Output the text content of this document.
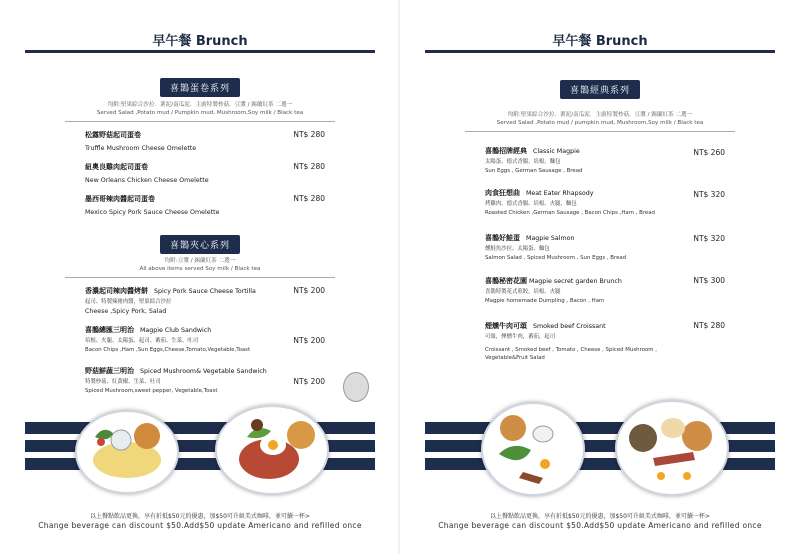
早午餐 Brunch
喜鵲蛋卷系列
均附:堅果綜合沙拉．薯泥/南瓜泥．主廚特製杪菇．豆漿 / 錫蘭紅茶 二選一
Served Salad ,Potato mud / Pumpkin mud, Mushroom,Soy milk / Black tea
松露野菇起司蛋卷	NT$ 280
Truffle Mushroom Cheese Omelette
紐奧良雞肉起司蛋卷	NT$ 280
New Orleans Chicken Cheese Omelette
墨西哥辣肉醬起司蛋卷	NT$ 280
Mexico Spicy Pork Sauce Cheese Omelette
喜鵲夾心系列
均附:豆漿 / 錫蘭紅茶 二選一
All above items served Soy milk / Black tea
香濃起司辣肉醬烤餅 Spicy Pork Sauce Cheese Tortilla	NT$ 200
起司、特製辣豬肉醬，堅果綜合沙拉
Cheese ,Spicy Pork, Salad
喜鵲總匯三明治 Magpie Club Sandwich
NT$ 200
培根、火腿、太陽蛋、起司、蕃茄、生菜、吐司
Bacon Chips ,Ham ,Sun Eggs,Cheese,Tomato,Vegetable,Toast
野菇鮮蔬三明治 Spiced Mushroom& Vegetable Sandwich
NT$ 200
特製杪菇、紅黃椒、生菜、吐司
Spiced Mushroom,sweet pepper, Vegetable,Toast
以上餐點飲品更換，享有折抵$50元的優惠，加$50可升級美式咖啡，並可續一杯>
Change beverage can discount $50.Add$50 update Americano and refilled once
早午餐 Brunch
喜鵲經典系列
均附:堅果綜合沙拉．薯泥/南瓜泥．主廚特製杪菇．豆漿 / 錫蘭紅茶 二選一
Served Salad ,Potato mud / pumpkin mud, Mushroom,Soy milk / Black tea
喜鵲招牌經典 Classic Magpie	NT$ 260
太陽蛋、德式香腸，培根，麵包
Sun Eggs , German Sausage , Bread
肉食狂想曲 Meat Eater Rhapsody	NT$ 320
烤雞肉、德式香腸、培根、火腿，麵包
Roasted Chicken ,German Sausage , Bacon Chips ,Ham , Bread
喜鵲好鮭蛋 Magpie Salmon	NT$ 320
燻鮭魚沙拉、太陽蛋，麵包
Salmon Salad , Spiced Mushroom , Sun Eggs , Bread
喜鵲秘密花園 Magpie secret garden Brunch	NT$ 300
喜鵲特製花式煎餃，培根、火腿
Magpie homemade Dumpling , Bacon , Ham
煙燻牛肉可頌 Smoked beef Croissant	NT$ 280
可頌，煙燻牛肉，蕃茄，起司
Croissant , Smoked beef , Tomato , Cheese , Spiced Mushroom ,
Vegetable&Fruit Salad
以上餐點飲品更換，享有折抵$50元的優惠，加$50可升級美式咖啡，並可續一杯>
Change beverage can discount $50.Add$50 update Americano and refilled once
